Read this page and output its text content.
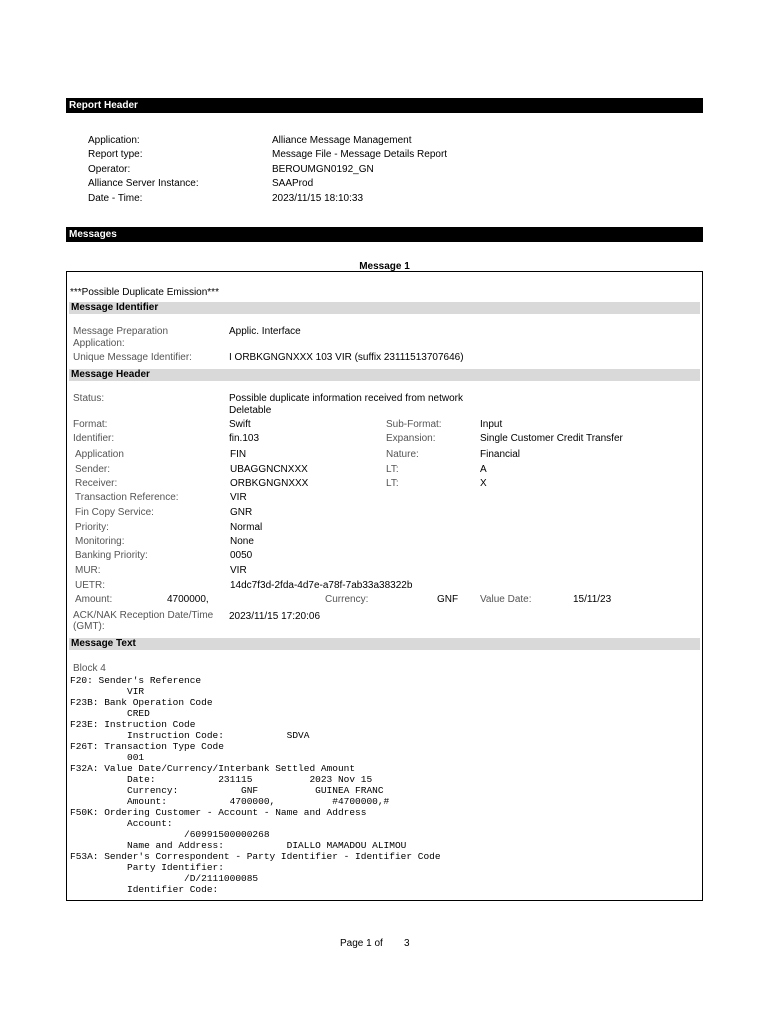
Report Header
Application:	Alliance Message Management
Report type:	Message File - Message Details Report
Operator:	BEROUMGN0192_GN
Alliance Server Instance:	SAAProd
Date - Time:	2023/11/15 18:10:33
Messages
Message 1
***Possible Duplicate Emission***
Message Identifier
Message Preparation Application:
Applic. Interface
Unique Message Identifier:	I ORBKGNGNXXX 103 VIR (suffix 23111513707646)
Message Header
Status:	Possible duplicate information received from network
Deletable
Format:	Swift	Sub-Format:	Input
Identifier:	fin.103	Expansion:	Single Customer Credit Transfer
Application	FIN	Nature:	Financial
Sender:	UBAGGNCNXXX	LT:	A
Receiver:	ORBKGNGNXXX	LT:	X
Transaction Reference:	VIR
Fin Copy Service:	GNR
Priority:	Normal
Monitoring:	None
Banking Priority:	0050
MUR:	VIR
UETR:	14dc7f3d-2fda-4d7e-a78f-7ab33a38322b
Amount:	4700000,	Currency:	GNF Value Date:	15/11/23
ACK/NAK Reception Date/Time
(GMT):
2023/11/15 17:20:06
Message Text
Block 4
F20: Sender's Reference
VIR
F23B: Bank Operation Code
CRED
F23E: Instruction Code
Instruction Code:           SDVA
F26T: Transaction Type Code
001
F32A: Value Date/Currency/Interbank Settled Amount
Date:           231115          2023 Nov 15
Currency:           GNF          GUINEA FRANC
Amount:           4700000,          #4700000,#
F50K: Ordering Customer - Account - Name and Address
Account:
/60991500000268
Name and Address:           DIALLO MAMADOU ALIMOU
F53A: Sender's Correspondent - Party Identifier - Identifier Code
Party Identifier:
/D/2111000085
Identifier Code:
Page 1 of 3
